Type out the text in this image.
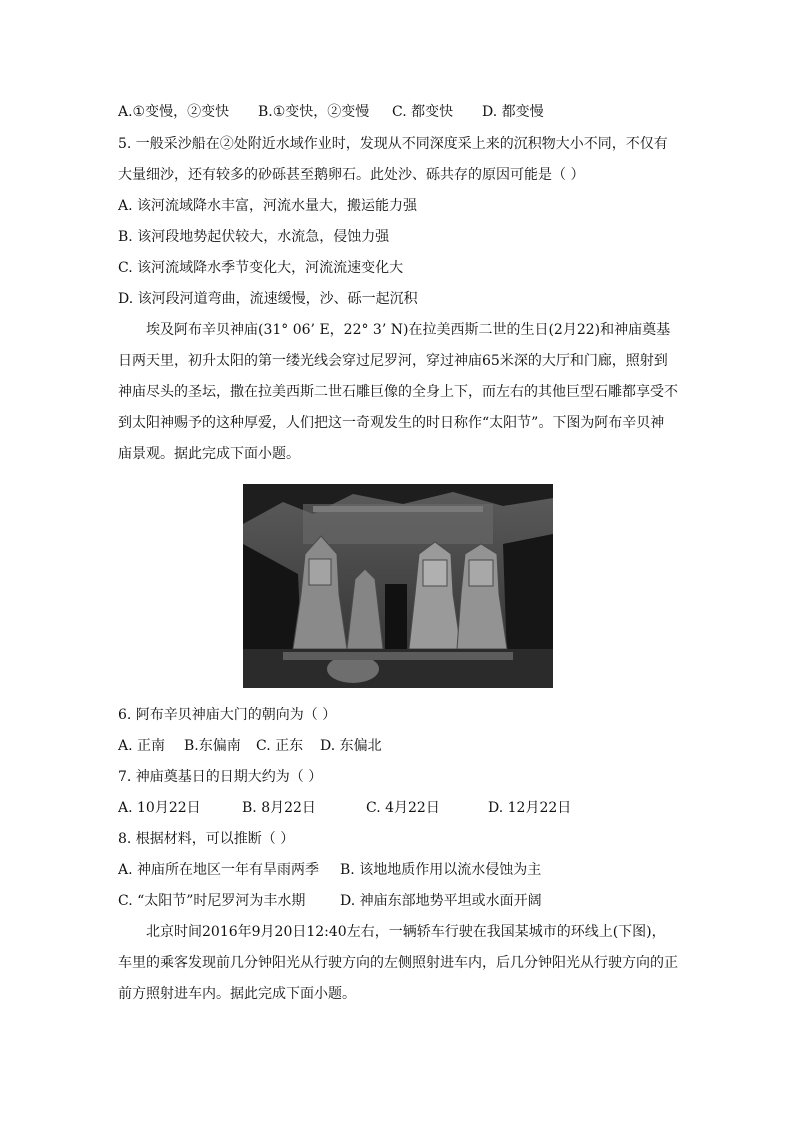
A.①变慢，②变快 B.①变快，②变慢 C. 都变快 D. 都变慢
5. 一般采沙船在②处附近水域作业时，发现从不同深度采上来的沉积物大小不同，不仅有
大量细沙，还有较多的砂砾甚至鹅卵石。此处沙、砾共存的原因可能是（ ）
A. 该河流域降水丰富，河流水量大，搬运能力强
B. 该河段地势起伏较大，水流急，侵蚀力强
C. 该河流域降水季节变化大，河流流速变化大
D. 该河段河道弯曲，流速缓慢，沙、砾一起沉积
埃及阿布辛贝神庙(31° 06’ E，22° 3’ N)在拉美西斯二世的生日(2月22)和神庙奠基
日两天里，初升太阳的第一缕光线会穿过尼罗河，穿过神庙65米深的大厅和门廊，照射到
神庙尽头的圣坛，撒在拉美西斯二世石雕巨像的全身上下，而左右的其他巨型石雕都享受不
到太阳神赐予的这种厚爱，人们把这一奇观发生的时日称作“太阳节”。下图为阿布辛贝神
庙景观。据此完成下面小题。
6. 阿布辛贝神庙大门的朝向为（ ）
A. 正南 B.东偏南 C. 正东 D. 东偏北
7. 神庙奠基日的日期大约为（ ）
A. 10月22日	B. 8月22日	C. 4月22日	D. 12月22日
8. 根据材料，可以推断（ ）
A. 神庙所在地区一年有旱雨两季 B. 该地地质作用以流水侵蚀为主
C. “太阳节”时尼罗河为丰水期 D. 神庙东部地势平坦或水面开阔
北京时间2016年9月20日12:40左右，一辆轿车行驶在我国某城市的环线上(下图)，
车里的乘客发现前几分钟阳光从行驶方向的左侧照射进车内，后几分钟阳光从行驶方向的正
前方照射进车内。据此完成下面小题。
